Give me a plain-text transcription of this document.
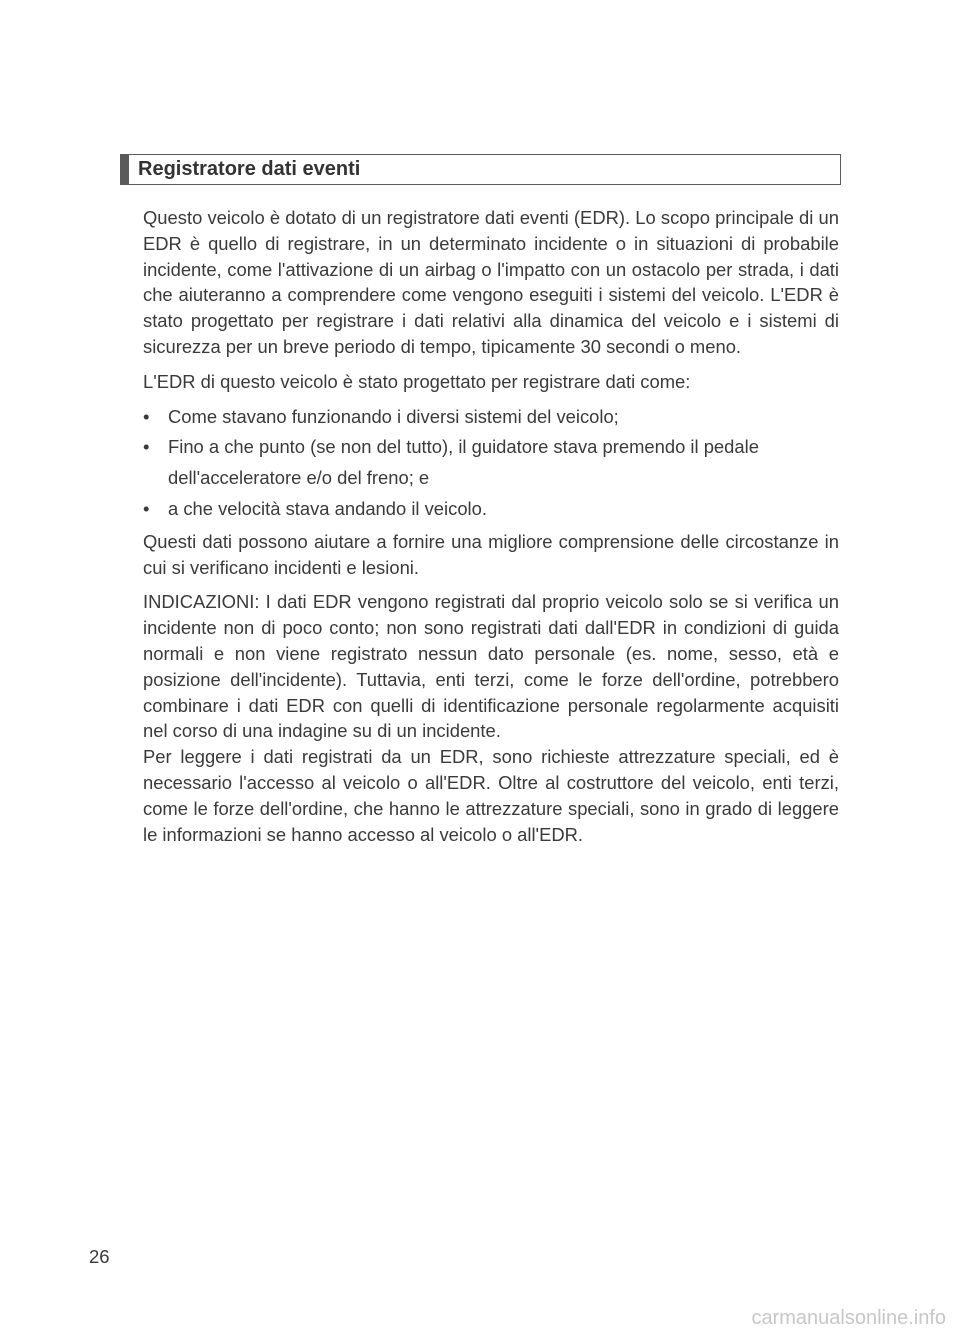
Registratore dati eventi

Questo veicolo è dotato di un registratore dati eventi (EDR). Lo scopo principale di un EDR è quello di registrare, in un determinato incidente o in situazioni di probabile incidente, come l'attivazione di un airbag o l'impatto con un ostacolo per strada, i dati che aiuteranno a comprendere come vengono eseguiti i sistemi del veicolo. L'EDR è stato progettato per registrare i dati relativi alla dinamica del veicolo e i sistemi di sicurezza per un breve periodo di tempo, tipicamente 30 secondi o meno.

L'EDR di questo veicolo è stato progettato per registrare dati come:

• Come stavano funzionando i diversi sistemi del veicolo;
• Fino a che punto (se non del tutto), il guidatore stava premendo il pedale
dell'acceleratore e/o del freno; e
• a che velocità stava andando il veicolo.

Questi dati possono aiutare a fornire una migliore comprensione delle circostanze in cui si verificano incidenti e lesioni.

INDICAZIONI: I dati EDR vengono registrati dal proprio veicolo solo se si verifica un incidente non di poco conto; non sono registrati dati dall'EDR in condizioni di guida normali e non viene registrato nessun dato personale (es. nome, sesso, età e posizione dell'incidente). Tuttavia, enti terzi, come le forze dell'ordine, potrebbero combinare i dati EDR con quelli di identificazione personale regolarmente acquisiti nel corso di una indagine su di un incidente.

Per leggere i dati registrati da un EDR, sono richieste attrezzature speciali, ed è necessario l'accesso al veicolo o all'EDR. Oltre al costruttore del veicolo, enti terzi, come le forze dell'ordine, che hanno le attrezzature speciali, sono in grado di leggere le informazioni se hanno accesso al veicolo o all'EDR.

26
carmanualsonline.info
